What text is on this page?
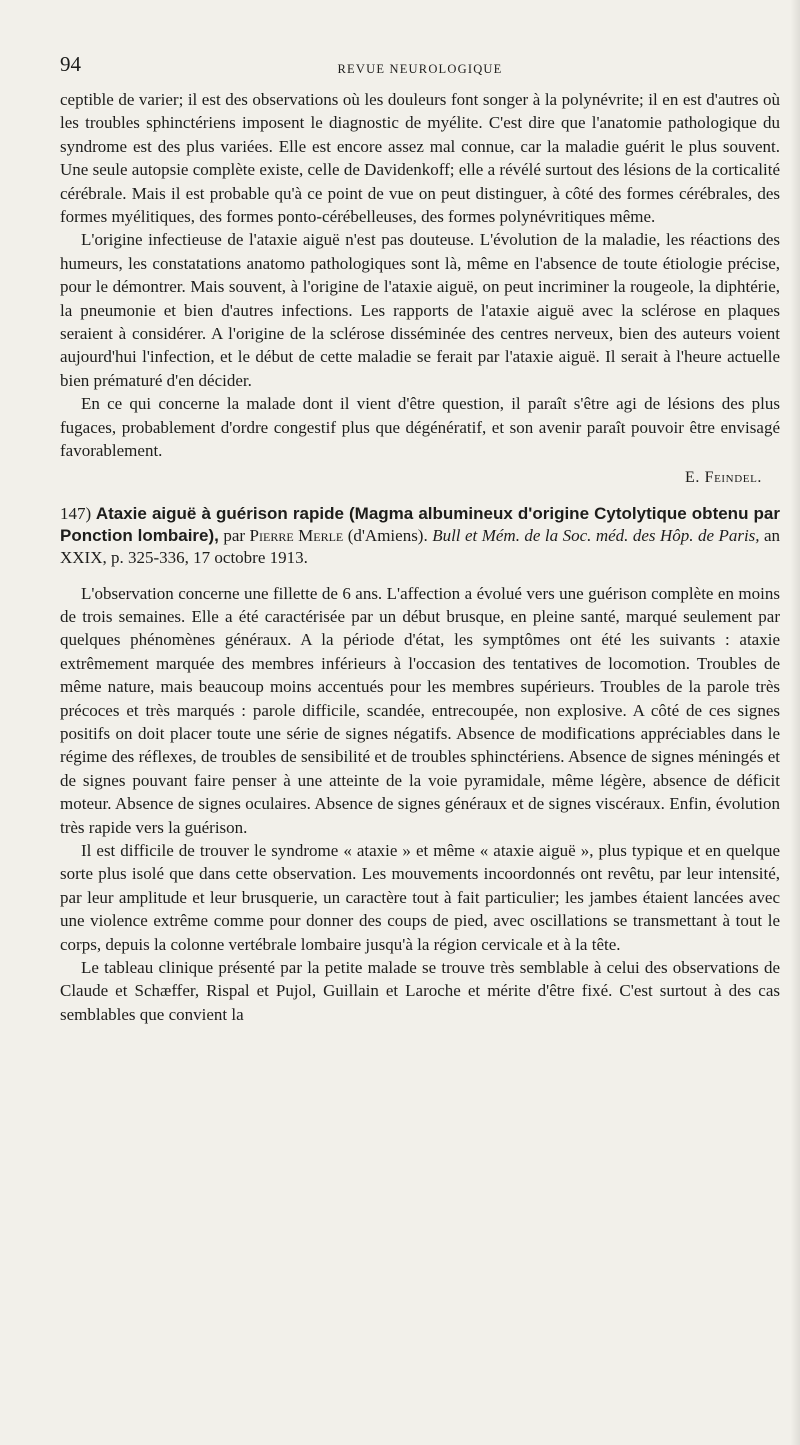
94	REVUE NEUROLOGIQUE

ceptible de varier; il est des observations où les douleurs font songer à la polynévrite; il en est d'autres où les troubles sphinctériens imposent le diagnostic de myélite. C'est dire que l'anatomie pathologique du syndrome est des plus variées. Elle est encore assez mal connue, car la maladie guérit le plus souvent. Une seule autopsie complète existe, celle de Davidenkoff; elle a révélé surtout des lésions de la corticalité cérébrale. Mais il est probable qu'à ce point de vue on peut distinguer, à côté des formes cérébrales, des formes myélitiques, des formes ponto-cérébelleuses, des formes polynévritiques même.

L'origine infectieuse de l'ataxie aiguë n'est pas douteuse. L'évolution de la maladie, les réactions des humeurs, les constatations anatomo pathologiques sont là, même en l'absence de toute étiologie précise, pour le démontrer. Mais souvent, à l'origine de l'ataxie aiguë, on peut incriminer la rougeole, la diphtérie, la pneumonie et bien d'autres infections. Les rapports de l'ataxie aiguë avec la sclérose en plaques seraient à considérer. A l'origine de la sclérose disséminée des centres nerveux, bien des auteurs voient aujourd'hui l'infection, et le début de cette maladie se ferait par l'ataxie aiguë. Il serait à l'heure actuelle bien prématuré d'en décider.

En ce qui concerne la malade dont il vient d'être question, il paraît s'être agi de lésions des plus fugaces, probablement d'ordre congestif plus que dégénératif, et son avenir paraît pouvoir être envisagé favorablement.

E. Feindel.
147) Ataxie aiguë à guérison rapide (Magma albumineux d'origine Cytolytique obtenu par Ponction lombaire), par Pierre Merle (d'Amiens). Bull et Mém. de la Soc. méd. des Hôp. de Paris, an XXIX, p. 325-336, 17 octobre 1913.

L'observation concerne une fillette de 6 ans. L'affection a évolué vers une guérison complète en moins de trois semaines. Elle a été caractérisée par un début brusque, en pleine santé, marqué seulement par quelques phénomènes généraux. A la période d'état, les symptômes ont été les suivants : ataxie extrêmement marquée des membres inférieurs à l'occasion des tentatives de locomotion. Troubles de même nature, mais beaucoup moins accentués pour les membres supérieurs. Troubles de la parole très précoces et très marqués : parole difficile, scandée, entrecoupée, non explosive. A côté de ces signes positifs on doit placer toute une série de signes négatifs. Absence de modifications appréciables dans le régime des réflexes, de troubles de sensibilité et de troubles sphinctériens. Absence de signes méningés et de signes pouvant faire penser à une atteinte de la voie pyramidale, même légère, absence de déficit moteur. Absence de signes oculaires. Absence de signes généraux et de signes viscéraux. Enfin, évolution très rapide vers la guérison.

Il est difficile de trouver le syndrome « ataxie » et même « ataxie aiguë », plus typique et en quelque sorte plus isolé que dans cette observation. Les mouvements incoordonnés ont revêtu, par leur intensité, par leur amplitude et leur brusquerie, un caractère tout à fait particulier; les jambes étaient lancées avec une violence extrême comme pour donner des coups de pied, avec oscillations se transmettant à tout le corps, depuis la colonne vertébrale lombaire jusqu'à la région cervicale et à la tête.

Le tableau clinique présenté par la petite malade se trouve très semblable à celui des observations de Claude et Schæffer, Rispal et Pujol, Guillain et Laroche et mérite d'être fixé. C'est surtout à des cas semblables que convient la
